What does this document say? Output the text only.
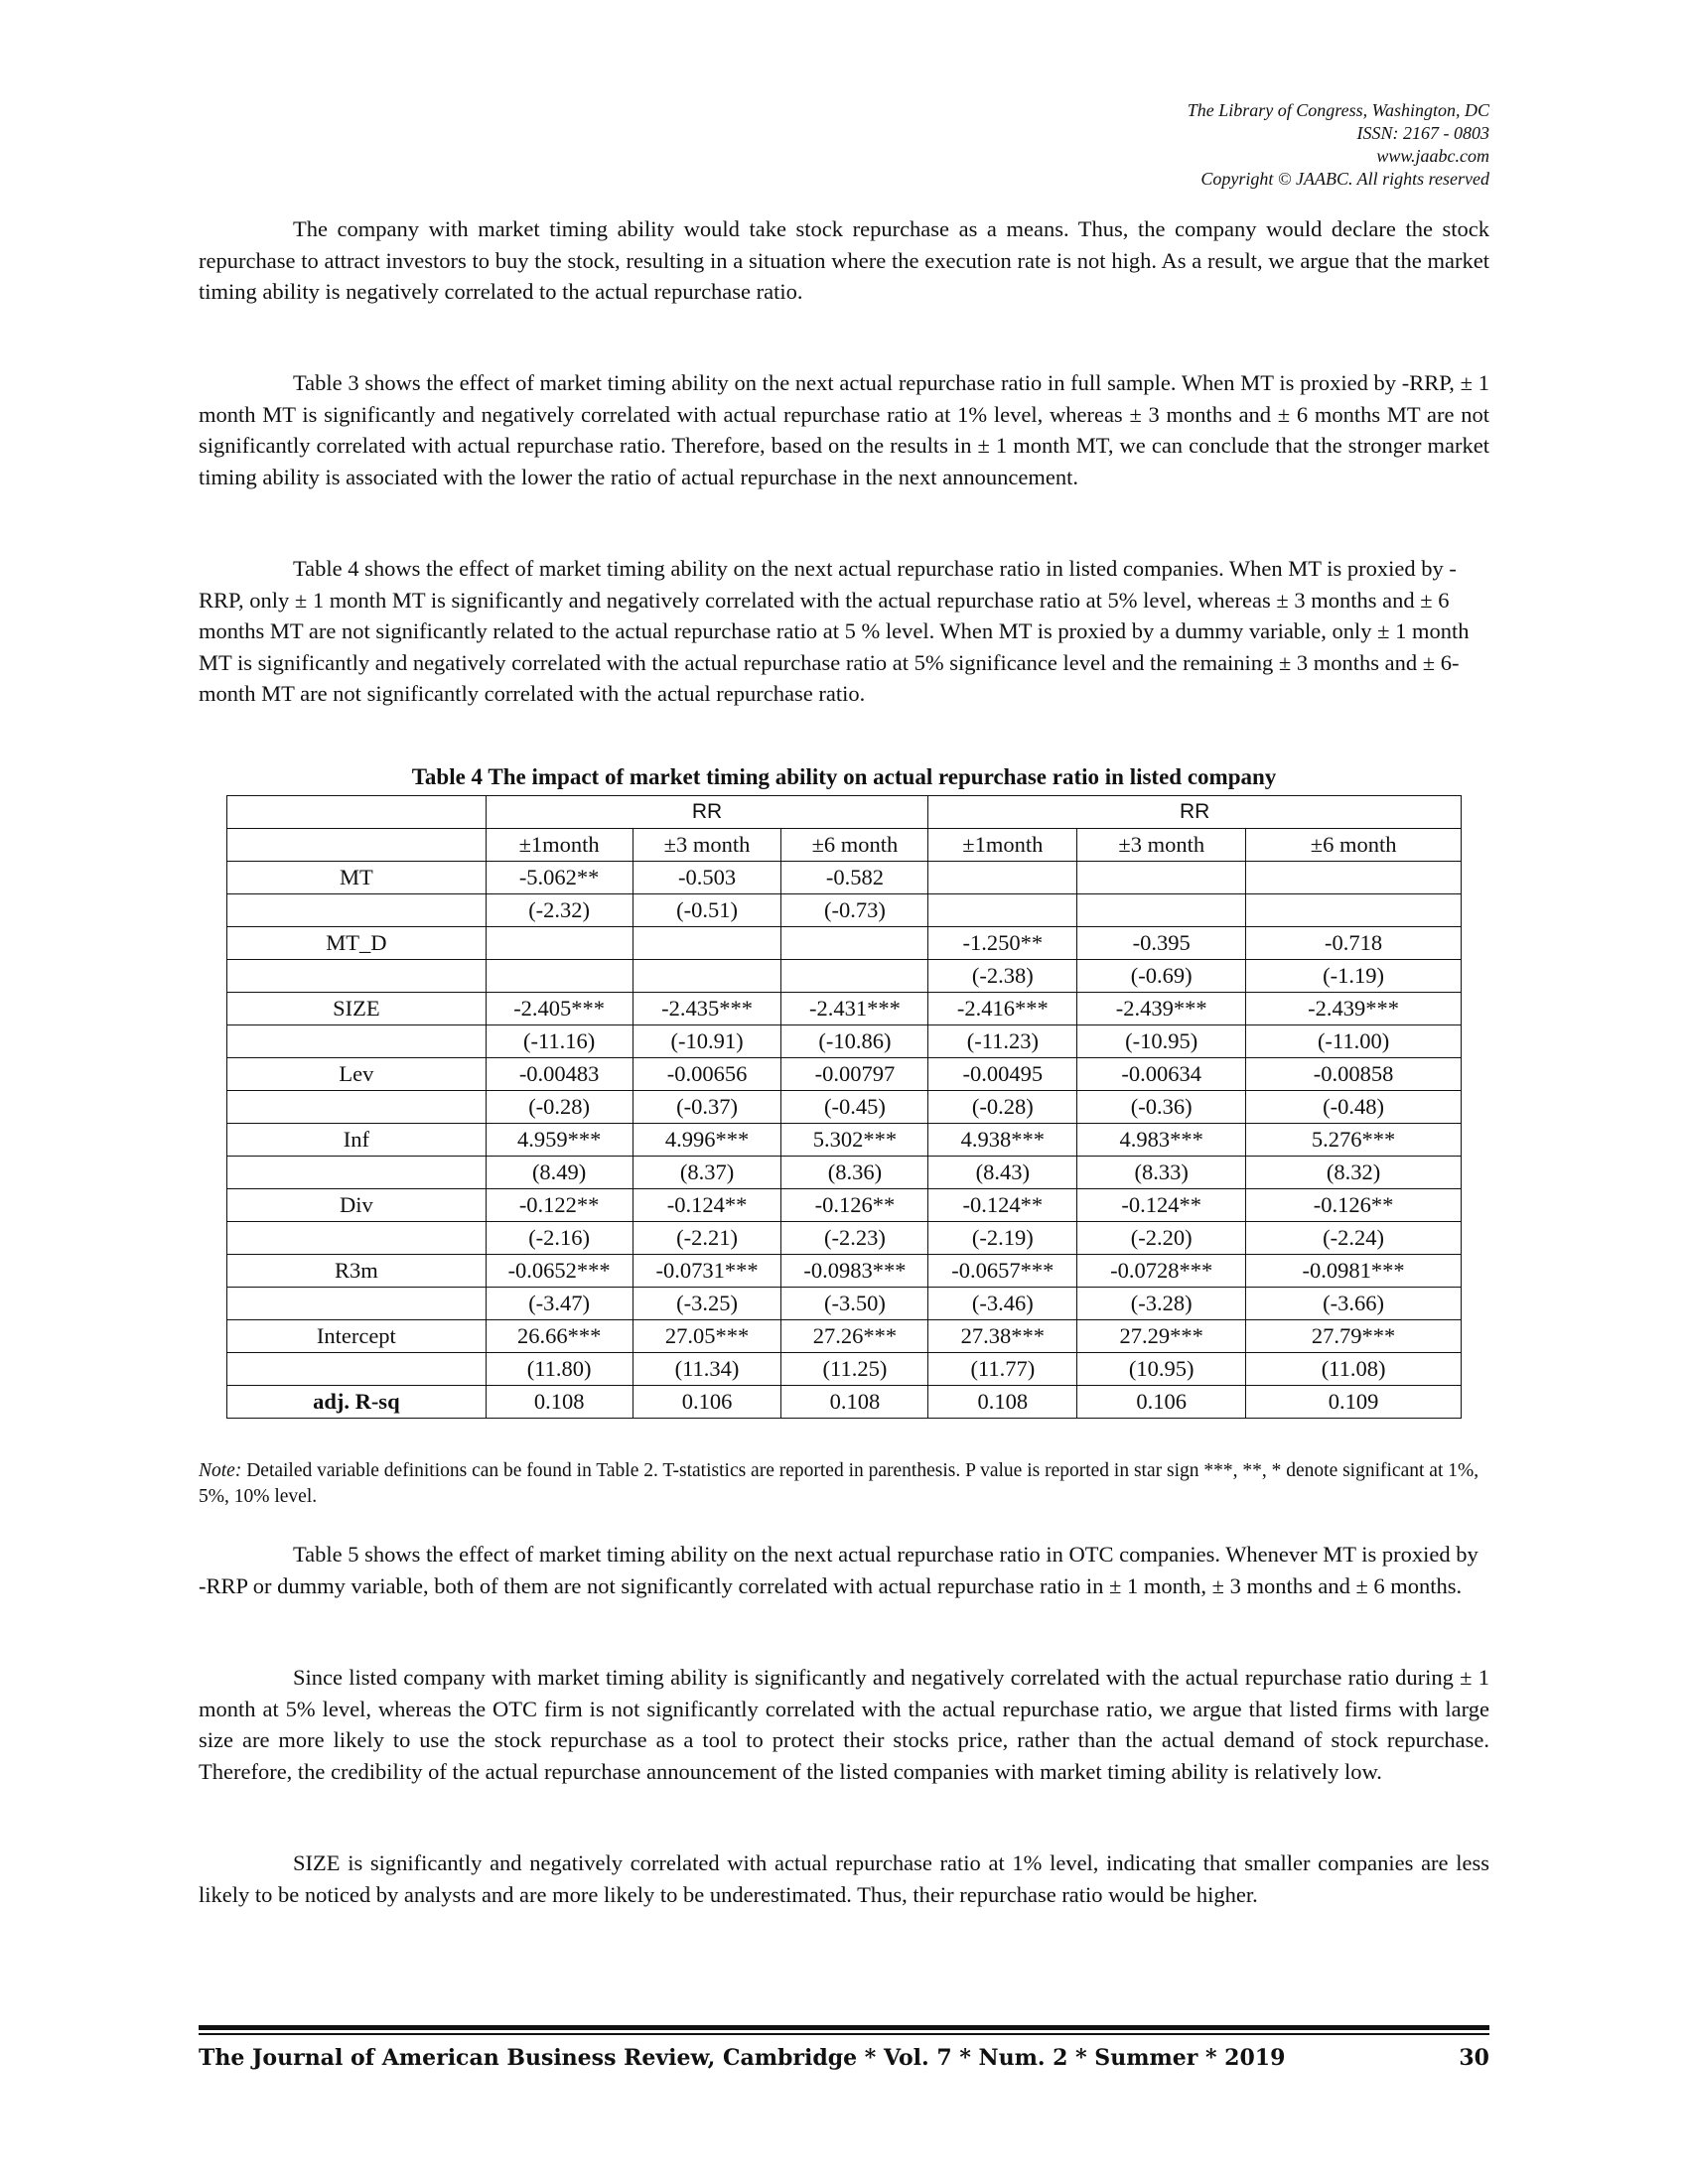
The Library of Congress, Washington, DC
ISSN: 2167 - 0803
www.jaabc.com
Copyright © JAABC. All rights reserved

The company with market timing ability would take stock repurchase as a means. Thus, the company would declare the stock repurchase to attract investors to buy the stock, resulting in a situation where the execution rate is not high. As a result, we argue that the market timing ability is negatively correlated to the actual repurchase ratio.

Table 3 shows the effect of market timing ability on the next actual repurchase ratio in full sample. When MT is proxied by -RRP, ± 1 month MT is significantly and negatively correlated with actual repurchase ratio at 1% level, whereas ± 3 months and ± 6 months MT are not significantly correlated with actual repurchase ratio. Therefore, based on the results in ± 1 month MT, we can conclude that the stronger market timing ability is associated with the lower the ratio of actual repurchase in the next announcement.

Table 4 shows the effect of market timing ability on the next actual repurchase ratio in listed companies. When MT is proxied by -RRP, only ± 1 month MT is significantly and negatively correlated with the actual repurchase ratio at 5% level, whereas ± 3 months and ± 6 months MT are not significantly related to the actual repurchase ratio at 5 % level. When MT is proxied by a dummy variable, only ± 1 month MT is significantly and negatively correlated with the actual repurchase ratio at 5% significance level and the remaining ± 3 months and ± 6-month MT are not significantly correlated with the actual repurchase ratio.

Table 4 The impact of market timing ability on actual repurchase ratio in listed company
	RR			RR		
	±1month	±3 month	±6 month	±1month	±3 month	±6 month
MT	-5.062**	-0.503	-0.582			
	(-2.32)	(-0.51)	(-0.73)			
MT_D				-1.250**	-0.395	-0.718
				(-2.38)	(-0.69)	(-1.19)
SIZE	-2.405***	-2.435***	-2.431***	-2.416***	-2.439***	-2.439***
	(-11.16)	(-10.91)	(-10.86)	(-11.23)	(-10.95)	(-11.00)
Lev	-0.00483	-0.00656	-0.00797	-0.00495	-0.00634	-0.00858
	(-0.28)	(-0.37)	(-0.45)	(-0.28)	(-0.36)	(-0.48)
Inf	4.959***	4.996***	5.302***	4.938***	4.983***	5.276***
	(8.49)	(8.37)	(8.36)	(8.43)	(8.33)	(8.32)
Div	-0.122**	-0.124**	-0.126**	-0.124**	-0.124**	-0.126**
	(-2.16)	(-2.21)	(-2.23)	(-2.19)	(-2.20)	(-2.24)
R3m	-0.0652***	-0.0731***	-0.0983***	-0.0657***	-0.0728***	-0.0981***
	(-3.47)	(-3.25)	(-3.50)	(-3.46)	(-3.28)	(-3.66)
Intercept	26.66***	27.05***	27.26***	27.38***	27.29***	27.79***
	(11.80)	(11.34)	(11.25)	(11.77)	(10.95)	(11.08)
adj. R-sq	0.108	0.106	0.108	0.108	0.106	0.109
Note: Detailed variable definitions can be found in Table 2. T-statistics are reported in parenthesis. P value is reported in star sign ***, **, * denote significant at 1%, 5%, 10% level.

Table 5 shows the effect of market timing ability on the next actual repurchase ratio in OTC companies. Whenever MT is proxied by -RRP or dummy variable, both of them are not significantly correlated with actual repurchase ratio in ± 1 month, ± 3 months and ± 6 months.

Since listed company with market timing ability is significantly and negatively correlated with the actual repurchase ratio during ± 1 month at 5% level, whereas the OTC firm is not significantly correlated with the actual repurchase ratio, we argue that listed firms with large size are more likely to use the stock repurchase as a tool to protect their stocks price, rather than the actual demand of stock repurchase. Therefore, the credibility of the actual repurchase announcement of the listed companies with market timing ability is relatively low.

SIZE is significantly and negatively correlated with actual repurchase ratio at 1% level, indicating that smaller companies are less likely to be noticed by analysts and are more likely to be underestimated. Thus, their repurchase ratio would be higher.

The Journal of American Business Review, Cambridge * Vol. 7 * Num. 2 * Summer * 2019	30
